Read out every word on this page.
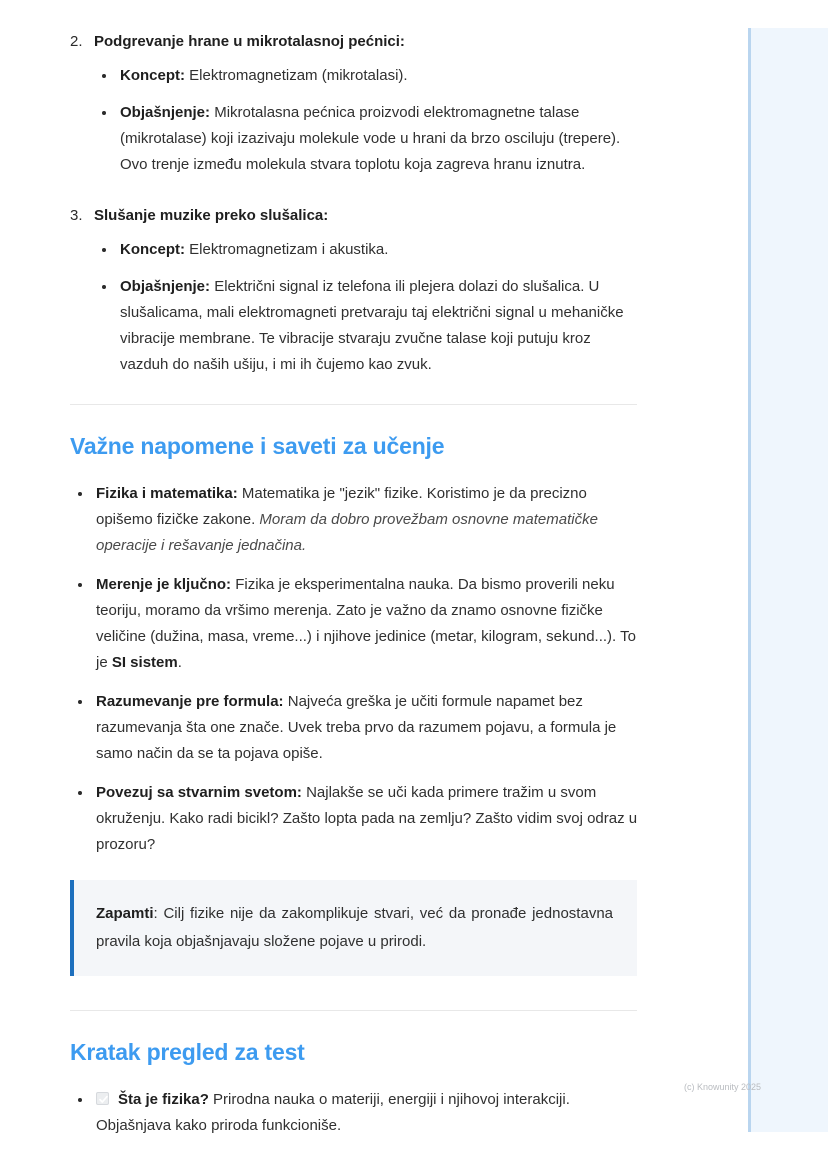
2. Podgrevanje hrane u mikrotalasnoj pećnici:

Koncept: Elektromagnetizam (mikrotalasi).
Objašnjenje: Mikrotalasna pećnica proizvodi elektromagnetne talase (mikrotalase) koji izazivaju molekule vode u hrani da brzo osciluju (trepere). Ovo trenje između molekula stvara toplotu koja zagreva hranu iznutra.
3. Slušanje muzike preko slušalica:

Koncept: Elektromagnetizam i akustika.
Objašnjenje: Električni signal iz telefona ili plejera dolazi do slušalica. U slušalicama, mali elektromagneti pretvaraju taj električni signal u mehaničke vibracije membrane. Te vibracije stvaraju zvučne talase koji putuju kroz vazduh do naših ušiju, i mi ih čujemo kao zvuk.
Važne napomene i saveti za učenje
Fizika i matematika: Matematika je "jezik" fizike. Koristimo je da precizno opišemo fizičke zakone. Moram da dobro provežbam osnovne matematičke operacije i rešavanje jednačina.
Merenje je ključno: Fizika je eksperimentalna nauka. Da bismo proverili neku teoriju, moramo da vršimo merenja. Zato je važno da znamo osnovne fizičke veličine (dužina, masa, vreme...) i njihove jedinice (metar, kilogram, sekund...). To je SI sistem.
Razumevanje pre formula: Najveća greška je učiti formule napamet bez razumevanja šta one znače. Uvek treba prvo da razumem pojavu, a formula je samo način da se ta pojava opiše.
Povezuj sa stvarnim svetom: Najlakše se uči kada primere tražim u svom okruženju. Kako radi bicikl? Zašto lopta pada na zemlju? Zašto vidim svoj odraz u prozoru?

Zapamti: Cilj fizike nije da zakomplikuje stvari, već da pronađe jednostavna pravila koja objašnjavaju složene pojave u prirodi.

Kratak pregled za test
Šta je fizika? Prirodna nauka o materiji, energiji i njihovoj interakciji. Objašnjava kako priroda funkcioniše.
(c) Knowunity 2025
